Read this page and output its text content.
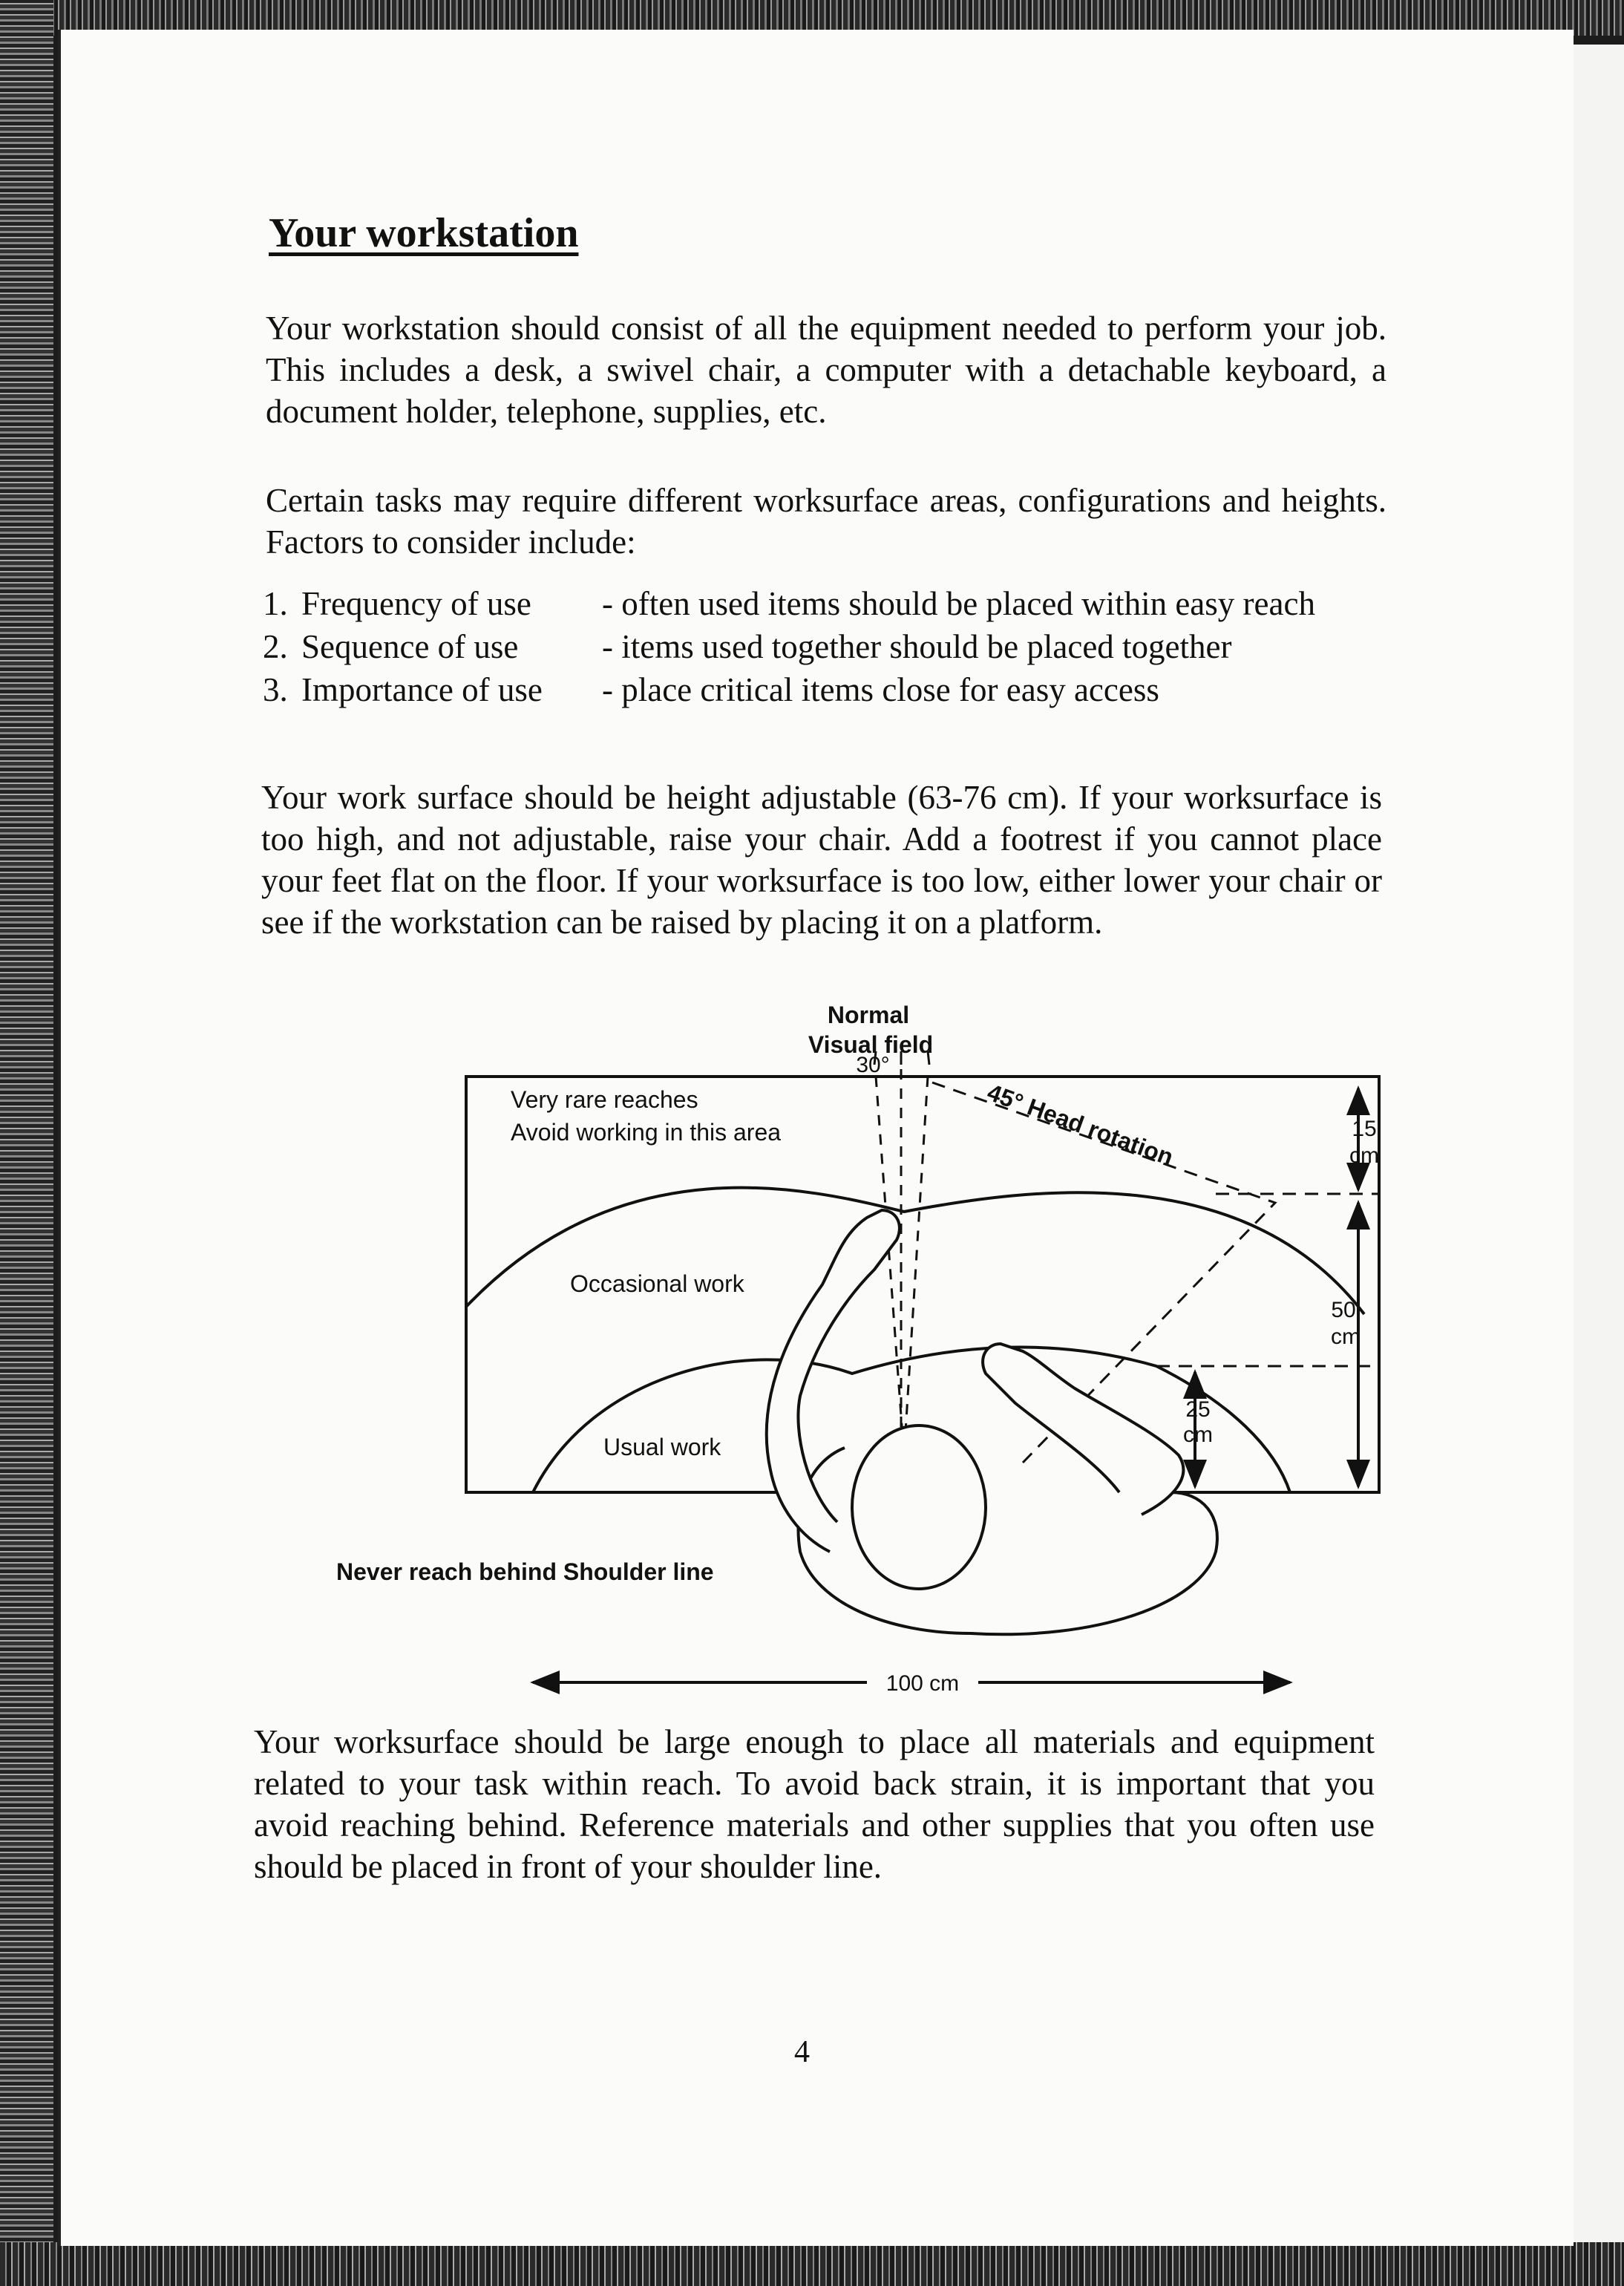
Your workstation

Your workstation should consist of all the equipment needed to perform your job. This includes a desk, a swivel chair, a computer with a detachable keyboard, a document holder, telephone, supplies, etc.

Certain tasks may require different worksurface areas, configurations and heights. Factors to consider include:

1. Frequency of use - often used items should be placed within easy reach
2. Sequence of use	- items used together should be placed together
3. Importance of use - place critical items close for easy access

Your work surface should be height adjustable (63-76 cm). If your worksurface is too high, and not adjustable, raise your chair. Add a footrest if you cannot place your feet flat on the floor. If your worksurface is too low, either lower your chair or see if the workstation can be raised by placing it on a platform.

Normal
Visual field
30°
Very rare reaches
Avoid working in this area	45° Head rotation
Occasional work
Usual work
Never reach behind Shoulder line
15
cm
50
cm
25
cm
100 cm

Your worksurface should be large enough to place all materials and equipment related to your task within reach. To avoid back strain, it is important that you avoid reaching behind. Reference materials and other supplies that you often use should be placed in front of your shoulder line.

4
